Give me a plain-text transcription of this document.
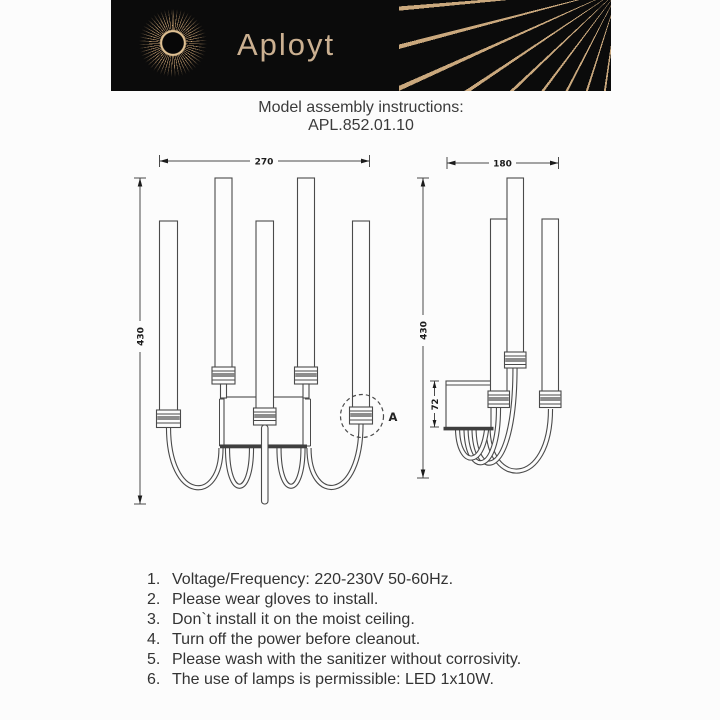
Aployt
Model assembly instructions:
APL.852.01.10
270
430
A
180
430
72
1. Voltage/Frequency: 220-230V 50-60Hz.
2. Please wear gloves to install.
3. Don`t install it on the moist ceiling.
4. Turn off the power before cleanout.
5. Please wash with the sanitizer without corrosivity.
6. The use of lamps is permissible: LED 1x10W.
